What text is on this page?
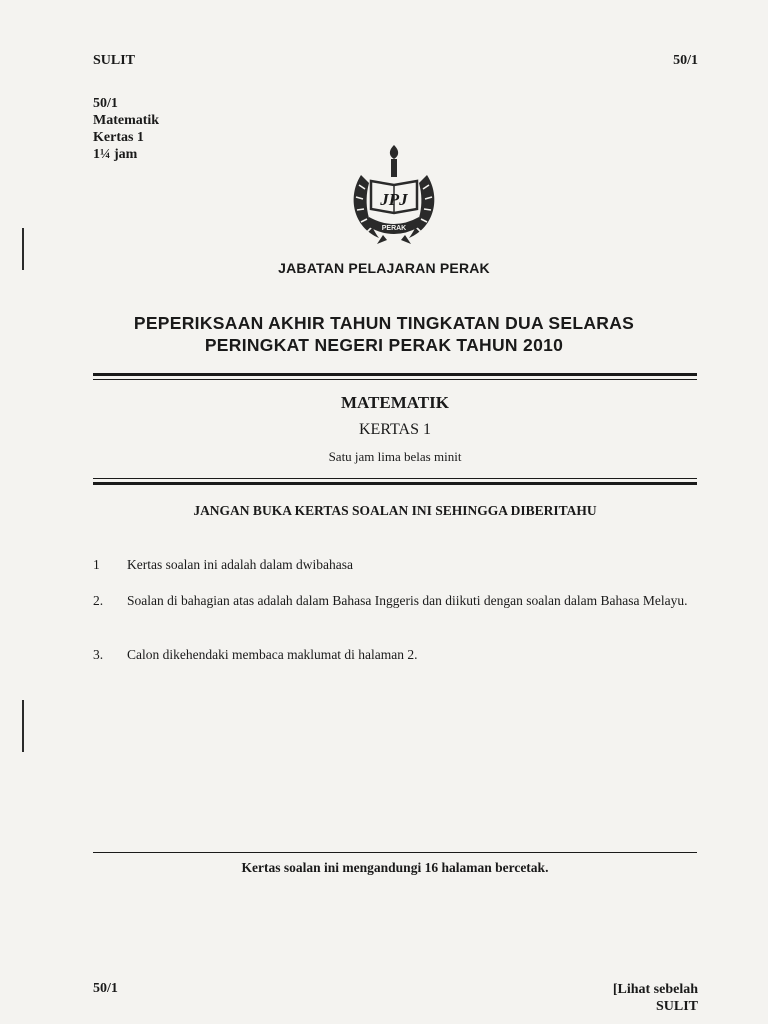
SULIT	50/1
50/1
Matematik
Kertas 1
1¼ jam
JPJ
PERAK
JABATAN PELAJARAN PERAK
PEPERIKSAAN AKHIR TAHUN TINGKATAN DUA SELARAS
PERINGKAT NEGERI PERAK TAHUN 2010
MATEMATIK
KERTAS 1
Satu jam lima belas minit
JANGAN BUKA KERTAS SOALAN INI SEHINGGA DIBERITAHU
1 Kertas soalan ini adalah dalam dwibahasa
2. Soalan di bahagian atas adalah dalam Bahasa Inggeris dan diikuti dengan soalan dalam Bahasa Melayu.
3. Calon dikehendaki membaca maklumat di halaman 2.
Kertas soalan ini mengandungi 16 halaman bercetak.
50/1	[Lihat sebelah
SULIT
